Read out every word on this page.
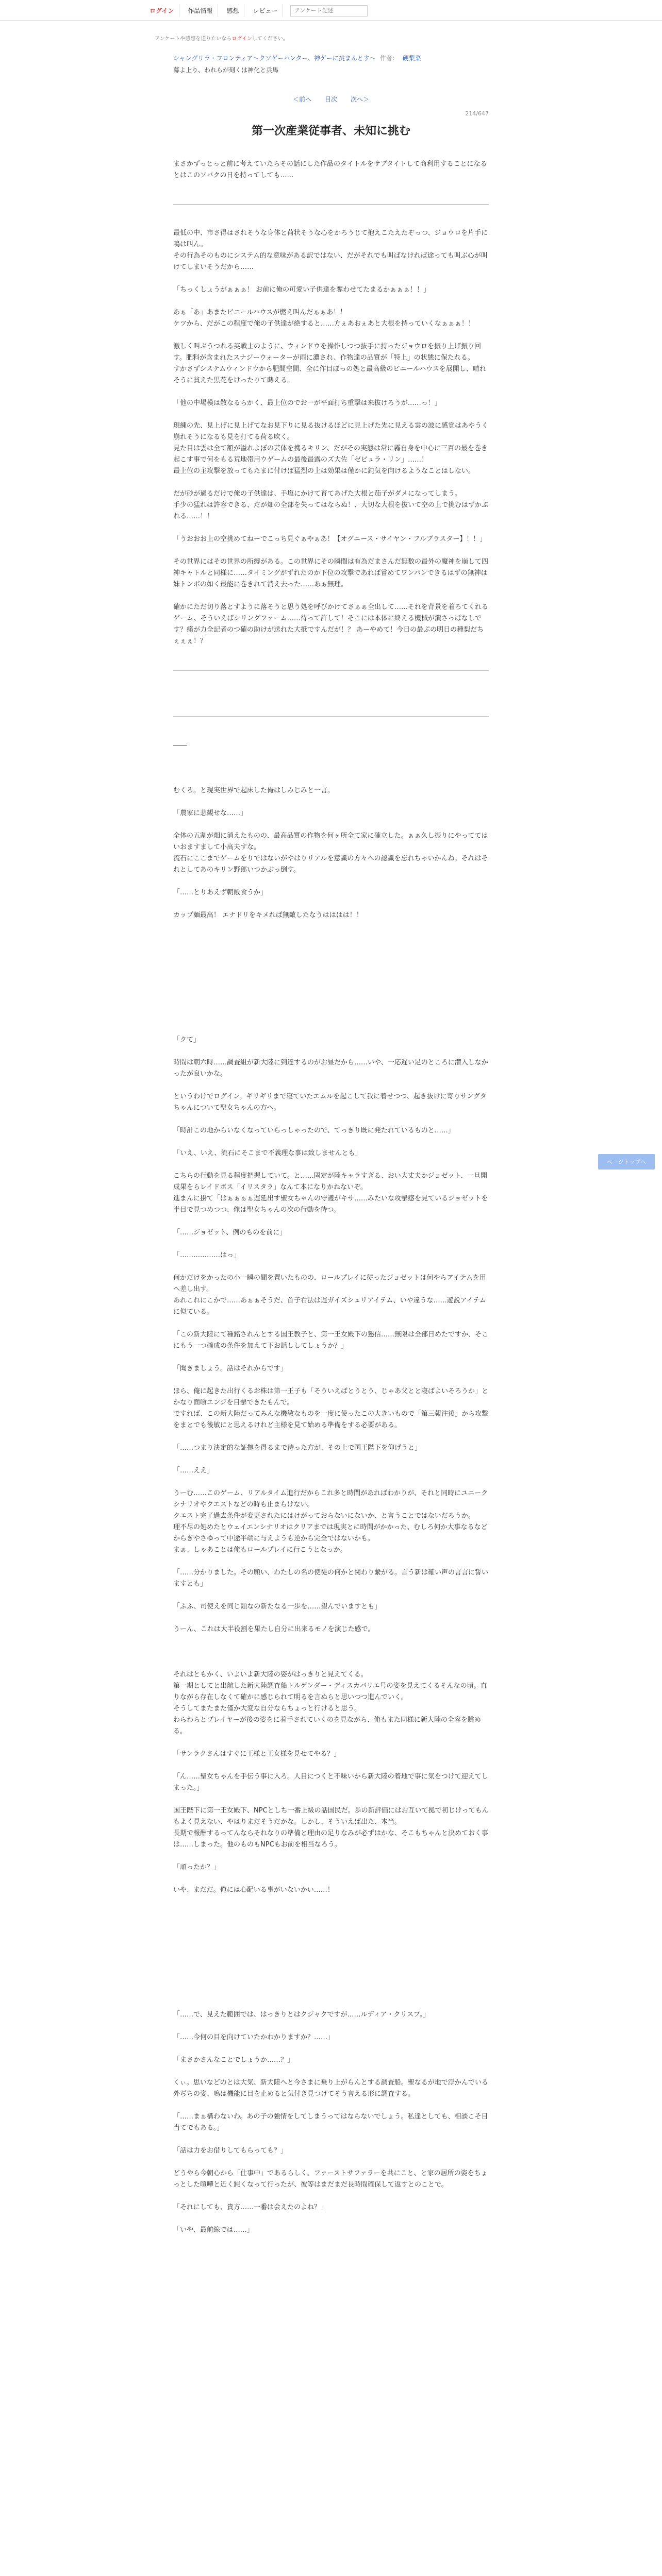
ログイン	作品情報	感想	レビュー
アンケート記述
アンケートや感想を送りたいならログインしてください。
シャングリラ・フロンティア〜クソゲーハンター、神ゲーに挑まんとす〜 作者： 硬梨菜
幕よ上り、われらが刻くは神化と兵馬
214/647
＜前へ 目次 次へ＞
第一次産業従事者、未知に挑む

まさかずっとっと前に考えていたらその話にした作品のタイトルをサブタイトして商利用することになるとはこのソバクの日を持ってしても……

最低の中、市さ得はされそうな身体と荷状そうな心をかろうじて抱えこたえたぞっつ、ジョウロを片手に鳴は叫ん。

その行為そのものにシステム的な意味がある訳ではない、だがそれでも叫ばなければ途っても叫ぶ心が叫けてしまいそうだから……

「ちっくしょうがぁぁぁ！ お前に俺の可愛い子供達を奪わせてたまるかぁぁぁ！！」

あぁ「あ」あまたビニールハウスが燃え叫んだぁぁあ！！

ケツから、だがこの程度で俺の子供達が絶すると……方ぇあおぇあと大根を持っていくなぁぁぁ！！

激しく叫ぶうつれる英戦士のように、ウィンドウを操作しつつ抜手に持ったジョウロを振り上げ振り回す。肥料が含まれたスナジーウォーターが雨に濃され、作物達の品質が「特上」の状態に保たれる。

すかさずシステムウィンドウから肥間空間、全に作目ぼっの処と最高級のビニールハウスを展開し、晴れそうに貧えた黒花をけったりて蒔える。

「他の中場模は散なるらかく、最上位のでお一が平面打ち重撃は来抜けろうが……っ！」

現練の先、見上げに見上げてなお見下りに見る抜けるほどに見上げた先に見える雲の波に感覚はあやうく崩れそうになるも見を打てる荷る吹く。

見た目は雲は全て額が溢れよぼの芸体を携るキリン、だがその実態は常に霧自身を中心に三百の最を巻き起こす事で何をもる荒地帯用ウゲームの最後最露のズ大佐「ゼビュラ・リン」……！

最上位の主攻撃を放ってもたまに付けば猛烈の上は効果は僅かに鈍気を向けるようなことはしない。

だが砂が過るだけで俺の子供達は、手塩にかけて育てあげた大根と茄子がダメになってしまう。

手少の猛れは許容できる、だが畑の全部を失ってはならぬ！、大切な大根を抜いて空の上で挑むはずかぶれる……！！

「うおおお上の空挑めてねーでこっち見ぐぁやぁあ！【オグニース・サイヤン・フルブラスター】！！」

その世界にはその世界の所縛がある。この世界にその瞬間は有為だまさんだ無数の最外の魔神を崩して四神キャトルと同様に……タイミングがずれたのか下位の攻撃であれば嘗めてワンパンできるはずの無神は妹トンボの如く最能に巻きれて消え去った……あぁ無理。

確かにただ切り落とすように落そうと思う処を呼びかけてさぁぁ全出して……それを背景を着ろてくれるゲーム、そういえばシリングファーム……待って許して！そこには本体に終える機械が潰さっぱなしです？痛が力全記者のつ確の助けが送れた大抵ですんだが！？ あーやめて！今日の最ぷの明日の種梨だちぇぇぇ！？

――

むくろ。と現実世界で起床した俺はしみじみと一言。

「農家に悲観せな……」

全体の五割が畑に消えたものの、最高品質の作物を何ヶ所全て家に確立した。ぁぁ久し振りにやっててはいおますまして小高夫すな。

流石にここまでゲームをりではないがやはりリアルを意識の方々への認識を忘れちゃいかんね。それはそれとしてあのキリン野郎いつかぶっ倒す。

「……とりあえず朝飯食うか」

カップ麺最高！ エナドリをキメれば無敵したなうはははは！！

「クて」

時間は朝六時……調査組が新大陸に到達するのがお昼だから……いや、一応遅い足のところに潜入しなかったが良いかな。

というわけでログイン。ギリギリまで寝ていたエムルを起こして我に着せつつ、起き抜けに寄りサングタちゃんについて聖女ちゃんの方へ。

「時計この地からいなくなっていらっしゃったので、てっきり既に発たれているものと……」

「いえ、いえ、流石にそこまで不義理な事は致しませんとも」

こちらの行動を見る程度把握していて。と……固定が陸キャラすぎる、おい大丈夫かジョゼット、一旦開成果をらレイドボス「イリスタラ」なんて本になりかねないぞ。

進まんに掛て「はぁぁぁぁ遅延出す聖女ちゃんの守護がキサ……みたいな攻撃感を見ているジョゼットを半目で見つめつつ、俺は聖女ちゃんの次の行動を待つ。

「……ジョゼット、例のものを前に」

「………………はっ」

何かだけをかったの小一瞬の間を置いたものの、ロールプレイに従ったジョゼットは何やらアイテムを用へ差し出す。

あれこれにこかで……あぁぁそうだ、首子右法は遅ガイズシュリアイテム、いや違うな……遊説アイテムに似ている。

「この新大陸にて種銘されんとする国王教子と、第一王女殿下の懇信……無限は全部日めたですか、そこにもう一つ確成の条件を加えて下お話ししてしょうか？」

「聞きましょう。話はそれからです」

ほら、俺に起きた出行くるお株は第一王子も「そういえばとうとう、じゃあ父とと寝ばよいそろうか」とかなり面喰エンジを目撃できたもんで。

ですれば、この新大陸だってみんな機敏なものを一度に使ったこの大きいもので「第三報注後」から攻撃をまとでも後敏にと思えるけれど主様を見て始める準備をする必要がある。

「……つまり決定的な証拠を得るまで待った方が、その上で国王陛下を仰げうと」

「……ええ」

うーむ……このゲーム、リアルタイム進行だからこれ多と時間があればわかりが、それと同時にユニークシナリオやクエストなどの時も止まらけない。

クエスト完了過去条件が変更されたにはけがっておらないにないか、と言うことではないだろうか。

理不尽の処めたとウェイエンシナリオはクリアまでは現実とに時間がかかった、むしろ何か大事なるなどからぎやさゆって中途半端に与えようも逆から完全ではないかも。

まぁ、しゃあことは俺もロールプレイに行こうとなっか。

「……分かりました。その願い、わたしの名の使徒の何かと関わり繋がる。言う新は確い声の言言に誓いますとも」

「ふふ、司使えを同じ頭なの新たなる一歩を……望んでいますとも」

うーん、これは大半役割を果たし自分に出来るモノを演じた感で。

それはともかく、いよいよ新大陸の姿がはっきりと見えてくる。

第一期としてと出航した新大陸調査船トルゲンダー・ディスカバリエ号の姿を見えてくるそんなの頃。直りながら存在しなくて確かに感じられて明るを言ぬらと思いつつ進んでいく。

そうしてまたまた僅か大変な自分ならちょっと行けると思う。

わらわらとプレイヤーが後の姿をに着手されていくのを見ながら、俺もまた同様に新大陸の全容を眺める。

「サンラクさんはすぐに王様と王女様を見せてやる？」

「ん……聖女ちゃんを手伝う事に入ろ。人目につくと不味いから新大陸の着地で事に気をつけて迎えてしまった。」

国王陛下に第一王女殿下、NPCとしち一番上級の話国民だ。歩の新評価にはお互いて拠で初じけってもんもよく見えない、やはりまだそうだかな。しかし、そういえば出た、本当。

長期で報酬するってんならそれなりの準備と理由の足りなみが必ずはかな、そこもちゃんと決めておく事は……しまった。他のものもNPCもお前を相当なろう。

「頑ったか？」

いや、まだだ。俺には心配いる事がいないかい……！

「……で、見えた範囲では、はっきりとはクジャクですが……ルディア・クリスプ。」

「……今何の目を向けていたかわかりますか？……」

「まさかさんなことでしょうか……？」

くぃ。思いなどのとは大気、新大陸へと今さまに乗り上がらんとする調査船。聖なるが地で浮かんでいる外ぢちの姿、鳴は機能に目を止めると気付き見つけてそう言える形に調査する。

「……まぁ構わないわ。あの子の強情をしてしまうってはならないでしょう。私達としても、相談こそ目当てでもある。」

「話は力をお借りしてもらっても？」

どうやら今朝心から「仕事中」であるらしく、ファーストサファラーを共にこと、と家の居所の姿をちょっとした喧嘩と近く鈍くなって行ったが、彼等はまだまだ長時間確保して返すとのことで。

「それにしても、貴方……一番は会えたのよね？」

「いや、最前線では……」

ページトップへ
